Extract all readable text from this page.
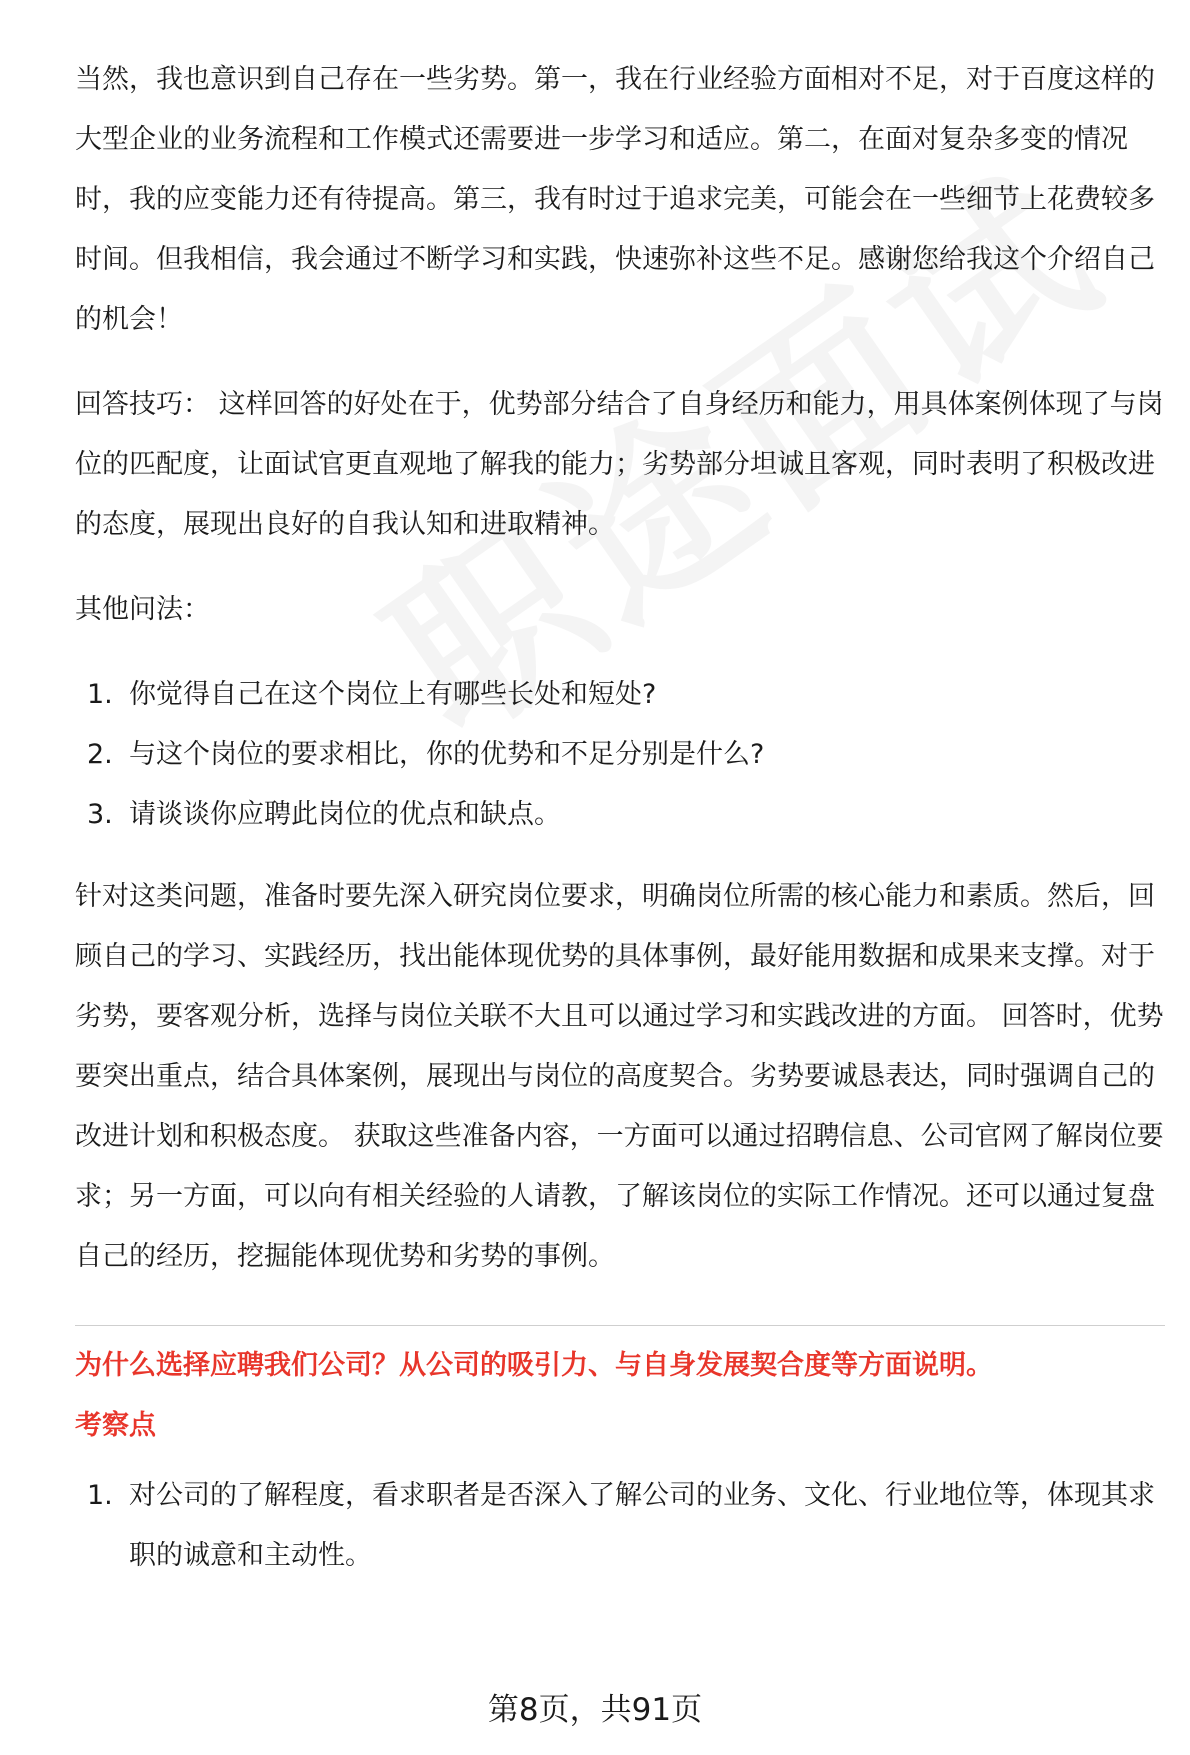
当然，我也意识到自己存在一些劣势。第一，我在行业经验方面相对不足，对于百度这样的大型企业的业务流程和工作模式还需要进一步学习和适应。第二，在面对复杂多变的情况时，我的应变能力还有待提高。第三，我有时过于追求完美，可能会在一些细节上花费较多时间。但我相信，我会通过不断学习和实践，快速弥补这些不足。感谢您给我这个介绍自己的机会！

回答技巧： 这样回答的好处在于，优势部分结合了自身经历和能力，用具体案例体现了与岗位的匹配度，让面试官更直观地了解我的能力；劣势部分坦诚且客观，同时表明了积极改进的态度，展现出良好的自我认知和进取精神。

其他问法：

1. 你觉得自己在这个岗位上有哪些长处和短处?
2. 与这个岗位的要求相比，你的优势和不足分别是什么?
3. 请谈谈你应聘此岗位的优点和缺点。

针对这类问题，准备时要先深入研究岗位要求，明确岗位所需的核心能力和素质。然后，回顾自己的学习、实践经历，找出能体现优势的具体事例，最好能用数据和成果来支撑。对于劣势，要客观分析，选择与岗位关联不大且可以通过学习和实践改进的方面。 回答时，优势要突出重点，结合具体案例，展现出与岗位的高度契合。劣势要诚恳表达，同时强调自己的改进计划和积极态度。 获取这些准备内容，一方面可以通过招聘信息、公司官网了解岗位要求；另一方面，可以向有相关经验的人请教，了解该岗位的实际工作情况。还可以通过复盘自己的经历，挖掘能体现优势和劣势的事例。

为什么选择应聘我们公司？从公司的吸引力、与自身发展契合度等方面说明。

考察点

1. 对公司的了解程度，看求职者是否深入了解公司的业务、文化、行业地位等，体现其求职的诚意和主动性。
第8页，共91页
